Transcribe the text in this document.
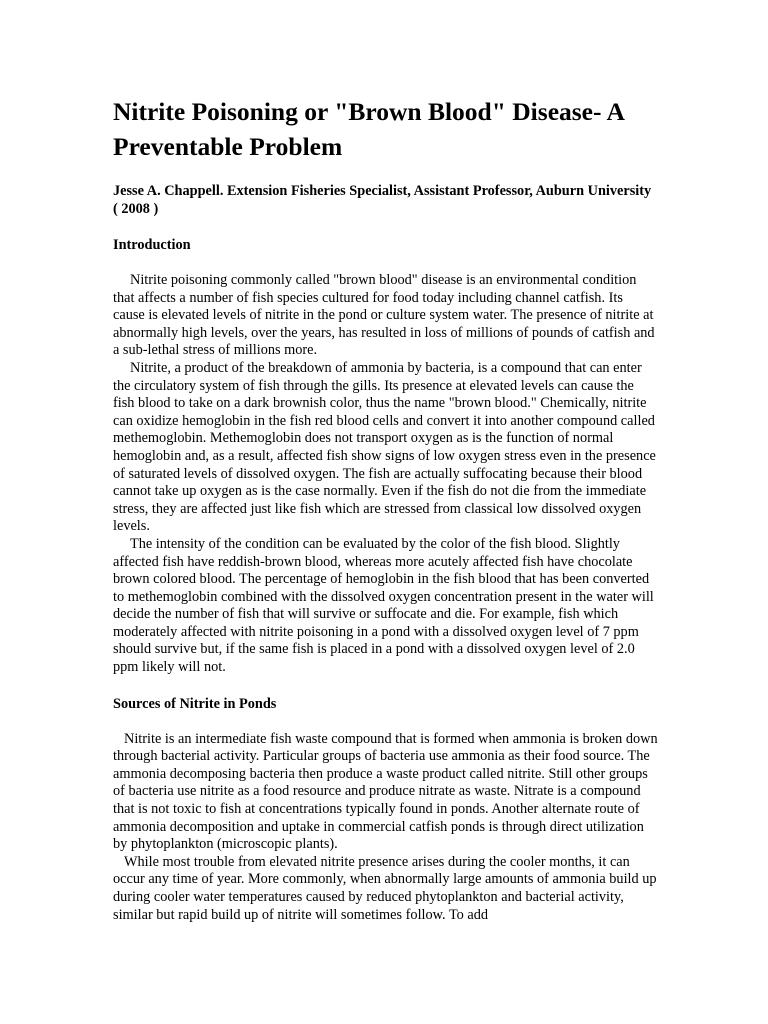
Nitrite Poisoning or "Brown Blood" Disease- A Preventable Problem

Jesse A. Chappell. Extension Fisheries Specialist, Assistant Professor, Auburn University ( 2008 )

Introduction

Nitrite poisoning commonly called "brown blood" disease is an environmental condition that affects a number of fish species cultured for food today including channel catfish. Its cause is elevated levels of nitrite in the pond or culture system water. The presence of nitrite at abnormally high levels, over the years, has resulted in loss of millions of pounds of catfish and a sub-lethal stress of millions more.

Nitrite, a product of the breakdown of ammonia by bacteria, is a compound that can enter the circulatory system of fish through the gills. Its presence at elevated levels can cause the fish blood to take on a dark brownish color, thus the name "brown blood." Chemically, nitrite can oxidize hemoglobin in the fish red blood cells and convert it into another compound called methemoglobin. Methemoglobin does not transport oxygen as is the function of normal hemoglobin and, as a result, affected fish show signs of low oxygen stress even in the presence of saturated levels of dissolved oxygen. The fish are actually suffocating because their blood cannot take up oxygen as is the case normally. Even if the fish do not die from the immediate stress, they are affected just like fish which are stressed from classical low dissolved oxygen levels.

The intensity of the condition can be evaluated by the color of the fish blood. Slightly affected fish have reddish-brown blood, whereas more acutely affected fish have chocolate brown colored blood. The percentage of hemoglobin in the fish blood that has been converted to methemoglobin combined with the dissolved oxygen concentration present in the water will decide the number of fish that will survive or suffocate and die. For example, fish which moderately affected with nitrite poisoning in a pond with a dissolved oxygen level of 7 ppm should survive but, if the same fish is placed in a pond with a dissolved oxygen level of 2.0 ppm likely will not.

Sources of Nitrite in Ponds

Nitrite is an intermediate fish waste compound that is formed when ammonia is broken down through bacterial activity. Particular groups of bacteria use ammonia as their food source. The ammonia decomposing bacteria then produce a waste product called nitrite. Still other groups of bacteria use nitrite as a food resource and produce nitrate as waste. Nitrate is a compound that is not toxic to fish at concentrations typically found in ponds. Another alternate route of ammonia decomposition and uptake in commercial catfish ponds is through direct utilization by phytoplankton (microscopic plants).

While most trouble from elevated nitrite presence arises during the cooler months, it can occur any time of year. More commonly, when abnormally large amounts of ammonia build up during cooler water temperatures caused by reduced phytoplankton and bacterial activity, similar but rapid build up of nitrite will sometimes follow. To add
